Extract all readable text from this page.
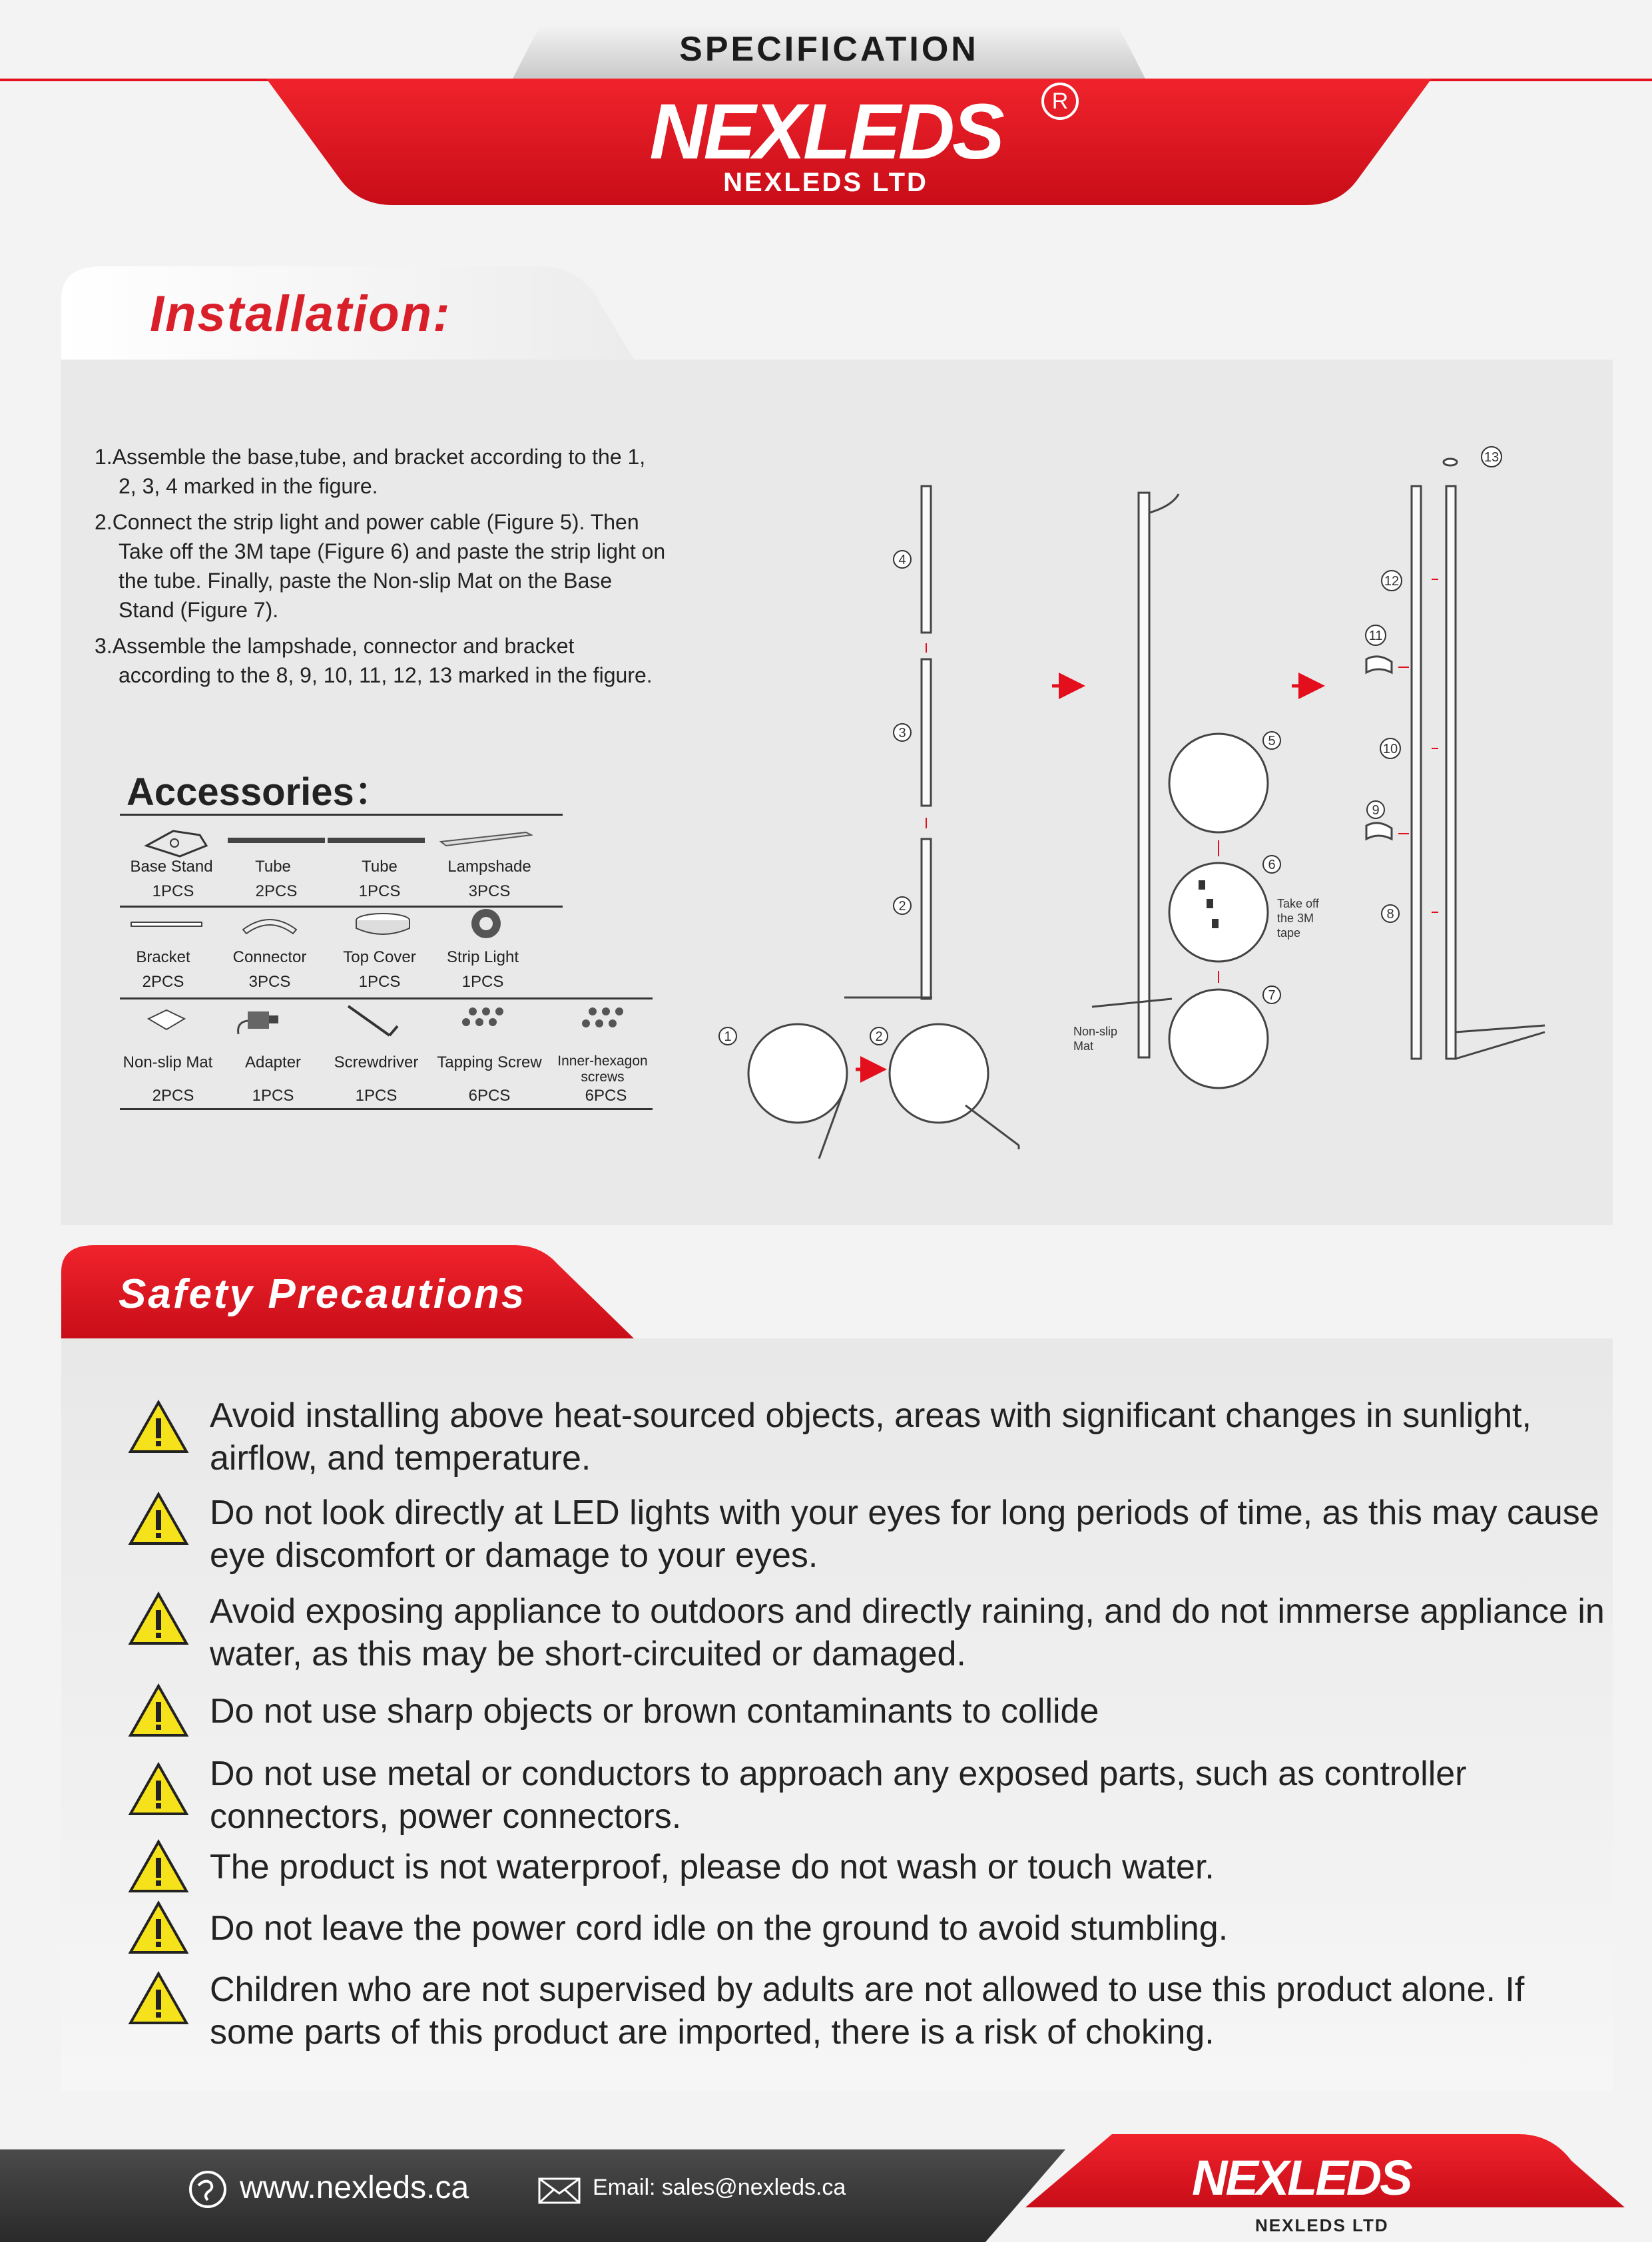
SPECIFICATION
NEXLEDS	R
NEXLEDS LTD
Installation:

1.Assemble the base,tube, and bracket according to the 1, 2, 3, 4 marked in the figure.

2.Connect the strip light and power cable (Figure 5). Then Take off the 3M tape (Figure 6) and paste the strip light on the tube. Finally, paste the Non-slip Mat on the Base Stand (Figure 7).

3.Assemble the lampshade, connector and bracket according to the 8, 9, 10, 11, 12, 13 marked in the figure.

Accessories：
Base Stand	Tube	Tube	Lampshade
1PCS	2PCS	1PCS	3PCS
Bracket	Connector	Top Cover	Strip Light
2PCS	3PCS	1PCS	1PCS
Non-slip Mat	Adapter	Screwdriver	Tapping Screw	Inner-hexagon screws
2PCS	1PCS	1PCS	6PCS	6PCS
4
3
2
1	2
5
6
7
8
9
10
11
12
13
Take off the 3M tape
Non-slip Mat
Safety Precautions
Avoid installing above heat-sourced objects, areas with significant changes in sunlight, airflow, and temperature.
Do not look directly at LED lights with your eyes for long periods of time, as this may cause eye discomfort or damage to your eyes.
Avoid exposing appliance to outdoors and directly raining, and do not immerse appliance in water, as this may be short-circuited or damaged.
Do not use sharp objects or brown contaminants to collide
Do not use metal or conductors to approach any exposed parts, such as controller connectors, power connectors.
The product is not waterproof, please do not wash or touch water.
Do not leave the power cord idle on the ground to avoid stumbling.
Children who are not supervised by adults are not allowed to use this product alone. If some parts of this product are imported, there is a risk of choking.
www.nexleds.ca	Email: sales@nexleds.ca	NEXLEDS
NEXLEDS LTD
